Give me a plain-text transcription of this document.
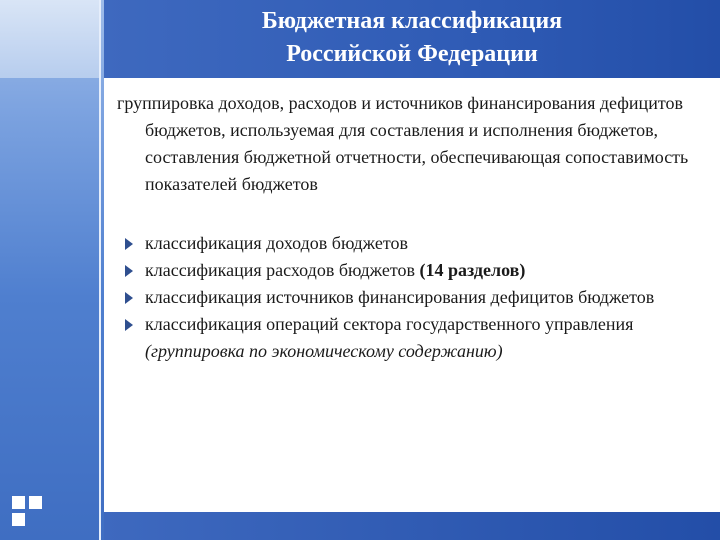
Бюджетная классификация
Российской Федерации

группировка доходов, расходов и источников финансирования дефицитов бюджетов, используемая для составления и исполнения бюджетов, составления бюджетной отчетности, обеспечивающая сопоставимость показателей бюджетов

классификация доходов бюджетов
классификация расходов бюджетов (14 разделов)
классификация источников финансирования дефицитов бюджетов
классификация операций сектора государственного управления (группировка по экономическому содержанию)
